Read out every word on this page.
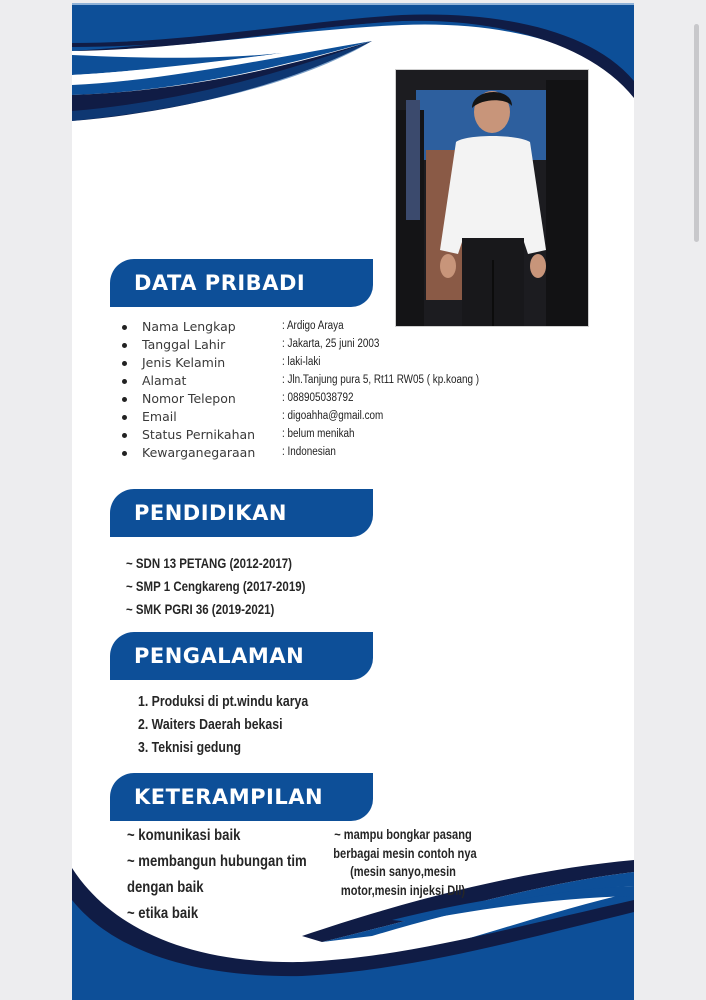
DATA PRIBADI
Nama Lengkap	: Ardigo Araya
Tanggal Lahir	: Jakarta, 25 juni 2003
Jenis Kelamin	: laki-laki
Alamat	: Jln.Tanjung pura 5, Rt11 RW05 ( kp.koang )
Nomor Telepon	: 088905038792
Email	: digoahha@gmail.com
Status Pernikahan : belum menikah
Kewarganegaraan : Indonesian
PENDIDIKAN
~ SDN 13 PETANG (2012-2017)
~ SMP 1 Cengkareng (2017-2019)
~ SMK PGRI 36 (2019-2021)
PENGALAMAN
1. Produksi di pt.windu karya
2. Waiters Daerah bekasi
3. Teknisi gedung
KETERAMPILAN
~ komunikasi baik
~ membangun hubungan tim
dengan baik
~ etika baik
~ mampu bongkar pasang
berbagai mesin contoh nya
(mesin sanyo,mesin
motor,mesin injeksi Dll)
